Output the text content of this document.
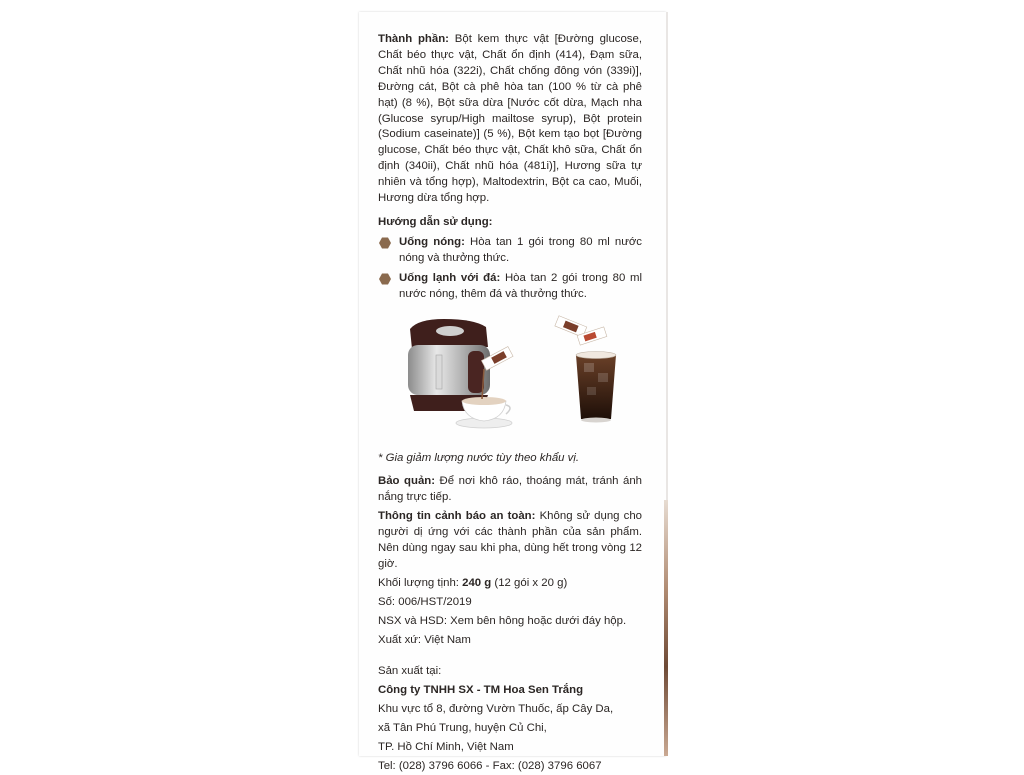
Thành phần: Bột kem thực vật [Đường glucose, Chất béo thực vật, Chất ổn định (414), Đạm sữa, Chất nhũ hóa (322i), Chất chống đông vón (339i)], Đường cát, Bột cà phê hòa tan (100 % từ cà phê hạt) (8 %), Bột sữa dừa [Nước cốt dừa, Mạch nha (Glucose syrup/High mailtose syrup), Bột protein (Sodium caseinate)] (5 %), Bột kem tạo bọt [Đường glucose, Chất béo thực vật, Chất khô sữa, Chất ổn định (340ii), Chất nhũ hóa (481i)], Hương sữa tự nhiên và tổng hợp), Maltodextrin, Bột ca cao, Muối, Hương dừa tổng hợp.

Hướng dẫn sử dụng:

Uống nóng: Hòa tan 1 gói trong 80 ml nước nóng và thưởng thức.
Uống lạnh với đá: Hòa tan 2 gói trong 80 ml nước nóng, thêm đá và thưởng thức.

* Gia giảm lượng nước tùy theo khẩu vị.

Bảo quản: Để nơi khô ráo, thoáng mát, tránh ánh nắng trực tiếp.

Thông tin cảnh báo an toàn: Không sử dụng cho người dị ứng với các thành phần của sản phẩm. Nên dùng ngay sau khi pha, dùng hết trong vòng 12 giờ.

Khối lượng tịnh: 240 g (12 gói x 20 g)

Số: 006/HST/2019

NSX và HSD: Xem bên hông hoặc dưới đáy hộp.

Xuất xứ: Việt Nam

Sản xuất tại:

Công ty TNHH SX - TM Hoa Sen Trắng

Khu vực tổ 8, đường Vườn Thuốc, ấp Cây Da,

xã Tân Phú Trung, huyện Củ Chi,

TP. Hồ Chí Minh, Việt Nam

Tel: (028) 3796 6066 - Fax: (028) 3796 6067
